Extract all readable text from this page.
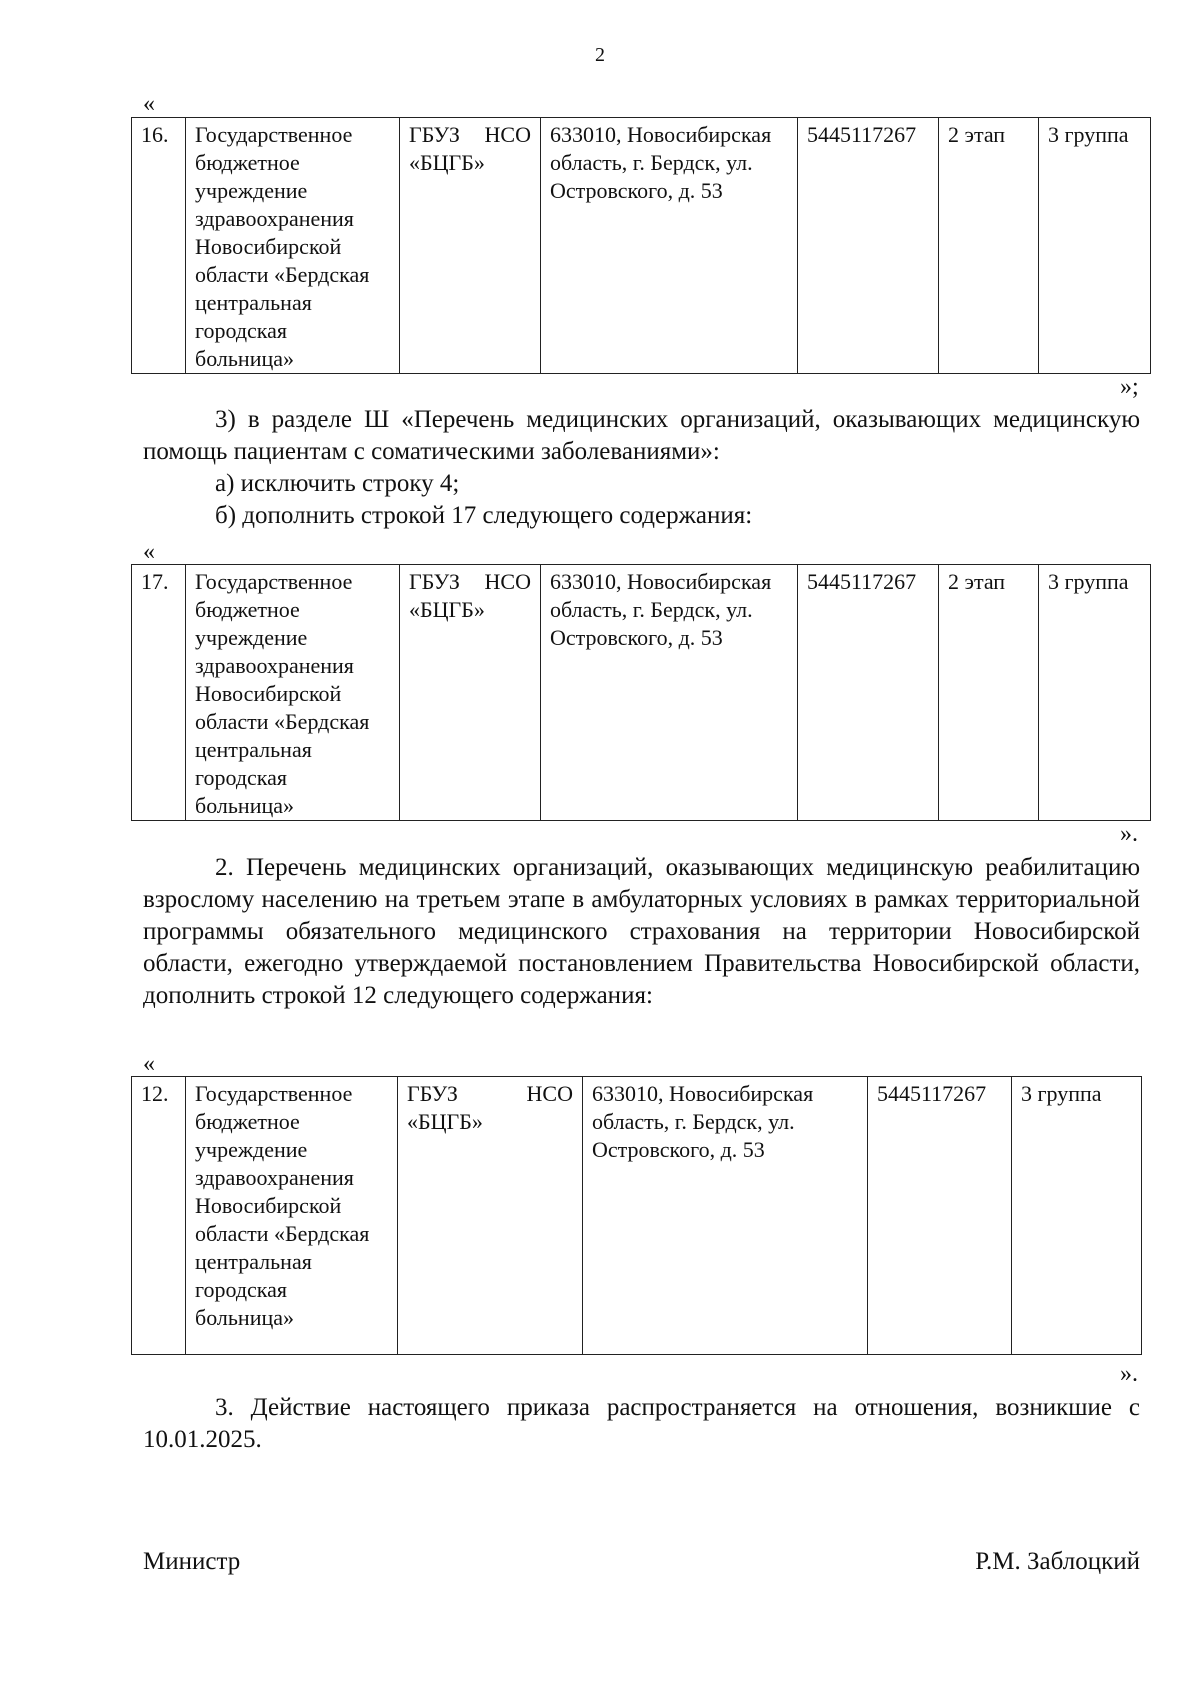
2
«
16.	Государственное бюджетное учреждение здравоохранения Новосибирской области «Бердская центральная городская больница»	ГБУЗ НСО «БЦГБ»	633010, Новосибирская область, г. Бердск, ул. Островского, д. 53	5445117267	2 этап	3 группа
»;
3) в разделе Ш «Перечень медицинских организаций, оказывающих медицинскую помощь пациентам с соматическими заболеваниями»:
а) исключить строку 4;
б) дополнить строкой 17 следующего содержания:
«
17.	Государственное бюджетное учреждение здравоохранения Новосибирской области «Бердская центральная городская больница»	ГБУЗ НСО «БЦГБ»	633010, Новосибирская область, г. Бердск, ул. Островского, д. 53	5445117267	2 этап	3 группа
».
2. Перечень медицинских организаций, оказывающих медицинскую реабилитацию взрослому населению на третьем этапе в амбулаторных условиях в рамках территориальной программы обязательного медицинского страхования на территории Новосибирской области, ежегодно утверждаемой постановлением Правительства Новосибирской области, дополнить строкой 12 следующего содержания:
«
12.	Государственное бюджетное учреждение здравоохранения Новосибирской области «Бердская центральная городская больница»	ГБУЗ НСО «БЦГБ»	633010, Новосибирская область, г. Бердск, ул. Островского, д. 53	5445117267	3 группа
».
3. Действие настоящего приказа распространяется на отношения, возникшие с 10.01.2025.
Министр	Р.М. Заблоцкий
